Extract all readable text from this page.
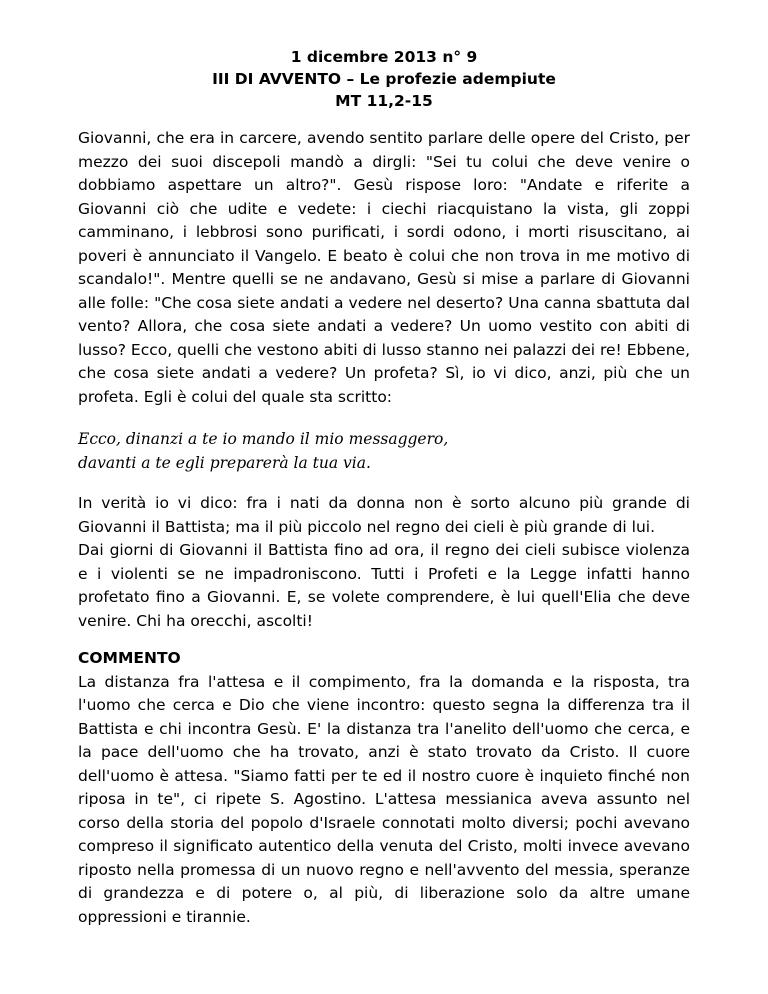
1 dicembre 2013 n° 9
III DI AVVENTO – Le profezie adempiute
MT 11,2-15

Giovanni, che era in carcere, avendo sentito parlare delle opere del Cristo, per mezzo dei suoi discepoli mandò a dirgli: "Sei tu colui che deve venire o dobbiamo aspettare un altro?". Gesù rispose loro: "Andate e riferite a Giovanni ciò che udite e vedete: i ciechi riacquistano la vista, gli zoppi camminano, i lebbrosi sono purificati, i sordi odono, i morti risuscitano, ai poveri è annunciato il Vangelo. E beato è colui che non trova in me motivo di scandalo!". Mentre quelli se ne andavano, Gesù si mise a parlare di Giovanni alle folle: "Che cosa siete andati a vedere nel deserto? Una canna sbattuta dal vento? Allora, che cosa siete andati a vedere? Un uomo vestito con abiti di lusso? Ecco, quelli che vestono abiti di lusso stanno nei palazzi dei re! Ebbene, che cosa siete andati a vedere? Un profeta? Sì, io vi dico, anzi, più che un profeta. Egli è colui del quale sta scritto:

Ecco, dinanzi a te io mando il mio messaggero,
davanti a te egli preparerà la tua via.

In verità io vi dico: fra i nati da donna non è sorto alcuno più grande di Giovanni il Battista; ma il più piccolo nel regno dei cieli è più grande di lui.

Dai giorni di Giovanni il Battista fino ad ora, il regno dei cieli subisce violenza e i violenti se ne impadroniscono. Tutti i Profeti e la Legge infatti hanno profetato fino a Giovanni. E, se volete comprendere, è lui quell'Elia che deve venire. Chi ha orecchi, ascolti!

COMMENTO

La distanza fra l'attesa e il compimento, fra la domanda e la risposta, tra l'uomo che cerca e Dio che viene incontro: questo segna la differenza tra il Battista e chi incontra Gesù. E' la distanza tra l'anelito dell'uomo che cerca, e la pace dell'uomo che ha trovato, anzi è stato trovato da Cristo. Il cuore dell'uomo è attesa. "Siamo fatti per te ed il nostro cuore è inquieto finché non riposa in te", ci ripete S. Agostino. L'attesa messianica aveva assunto nel corso della storia del popolo d'Israele connotati molto diversi; pochi avevano compreso il significato autentico della venuta del Cristo, molti invece avevano riposto nella promessa di un nuovo regno e nell'avvento del messia, speranze di grandezza e di potere o, al più, di liberazione solo da altre umane oppressioni e tirannie.
